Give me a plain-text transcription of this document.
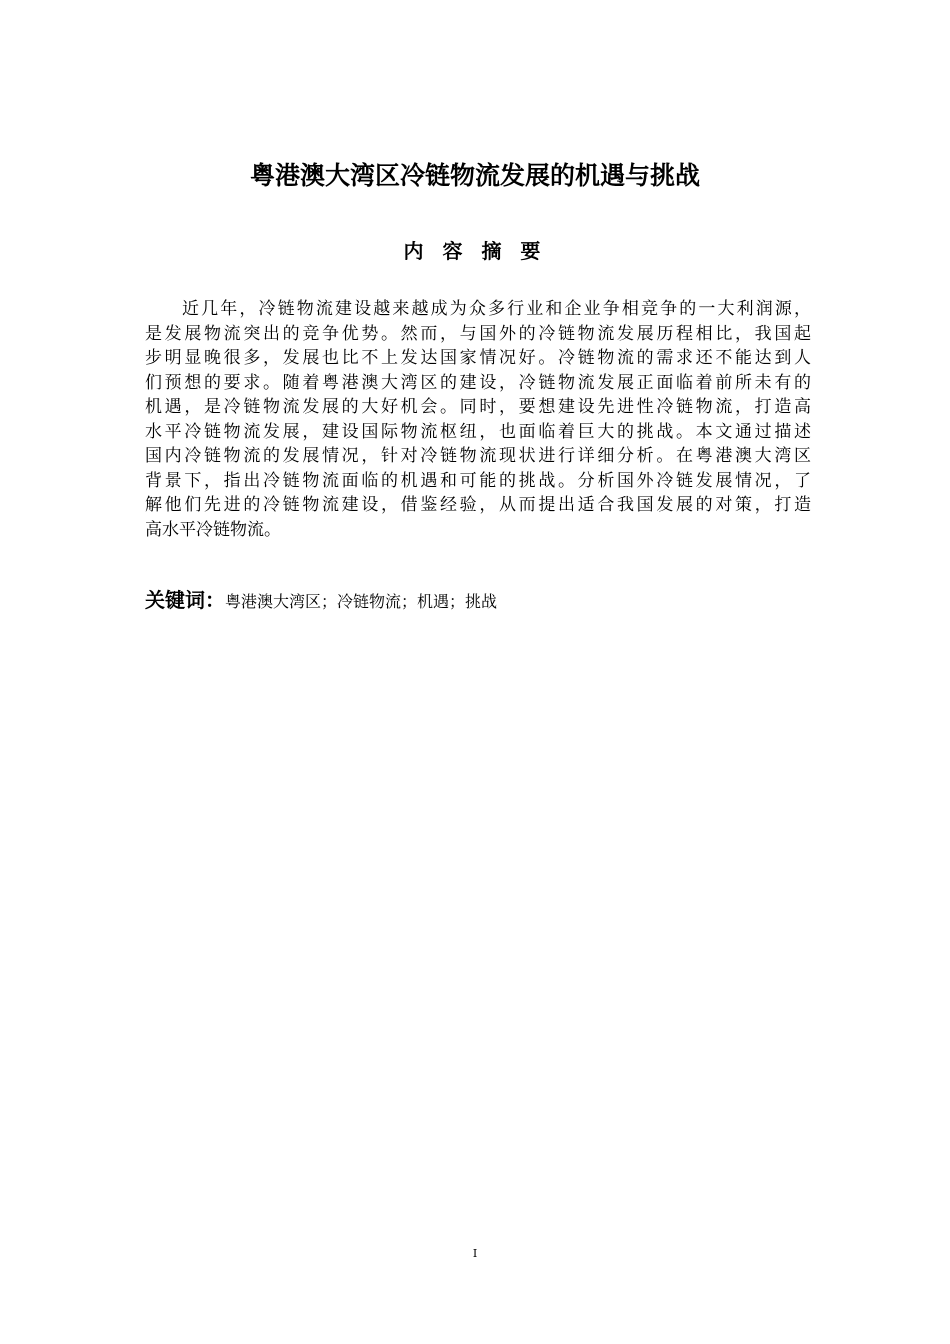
粤港澳大湾区冷链物流发展的机遇与挑战
内 容 摘 要
近几年，冷链物流建设越来越成为众多行业和企业争相竞争的一大利润源，
是发展物流突出的竞争优势。然而，与国外的冷链物流发展历程相比，我国起
步明显晚很多，发展也比不上发达国家情况好。冷链物流的需求还不能达到人
们预想的要求。随着粤港澳大湾区的建设，冷链物流发展正面临着前所未有的
机遇，是冷链物流发展的大好机会。同时，要想建设先进性冷链物流，打造高
水平冷链物流发展，建设国际物流枢纽，也面临着巨大的挑战。本文通过描述
国内冷链物流的发展情况，针对冷链物流现状进行详细分析。在粤港澳大湾区
背景下，指出冷链物流面临的机遇和可能的挑战。分析国外冷链发展情况，了
解他们先进的冷链物流建设，借鉴经验，从而提出适合我国发展的对策，打造
高水平冷链物流。
关键词：粤港澳大湾区；冷链物流；机遇；挑战
I
